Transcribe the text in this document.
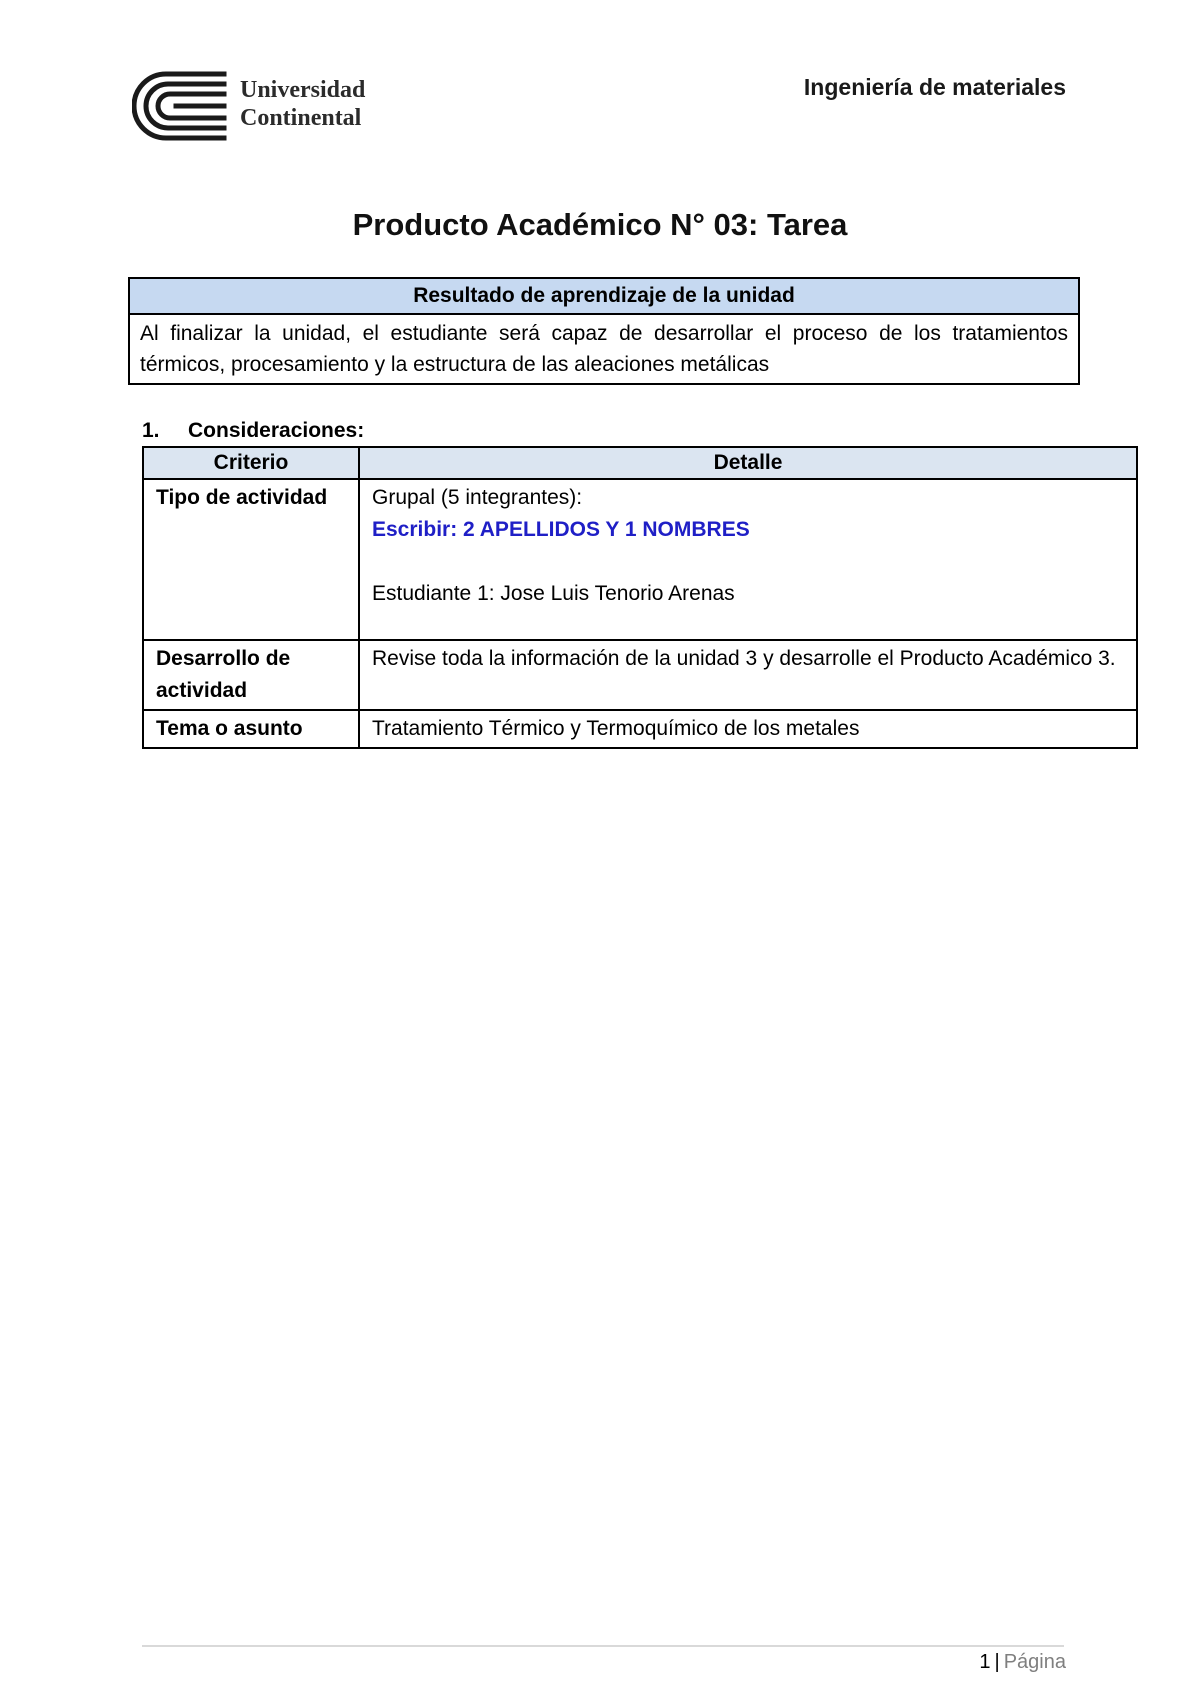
Universidad
Continental
Ingeniería de materiales
Producto Académico N° 03: Tarea
Resultado de aprendizaje de la unidad
Al finalizar la unidad, el estudiante será capaz de desarrollar el proceso de los tratamientos térmicos, procesamiento y la estructura de las aleaciones metálicas
1. Consideraciones:
Criterio	Detalle
Tipo de actividad	Grupal (5 integrantes):
Escribir: 2 APELLIDOS Y 1 NOMBRES
Estudiante 1: Jose Luis Tenorio Arenas

Desarrollo de actividad	Revise toda la información de la unidad 3 y desarrolle el Producto Académico 3.
Tema o asunto	Tratamiento Térmico y Termoquímico de los metales
1 | Página
